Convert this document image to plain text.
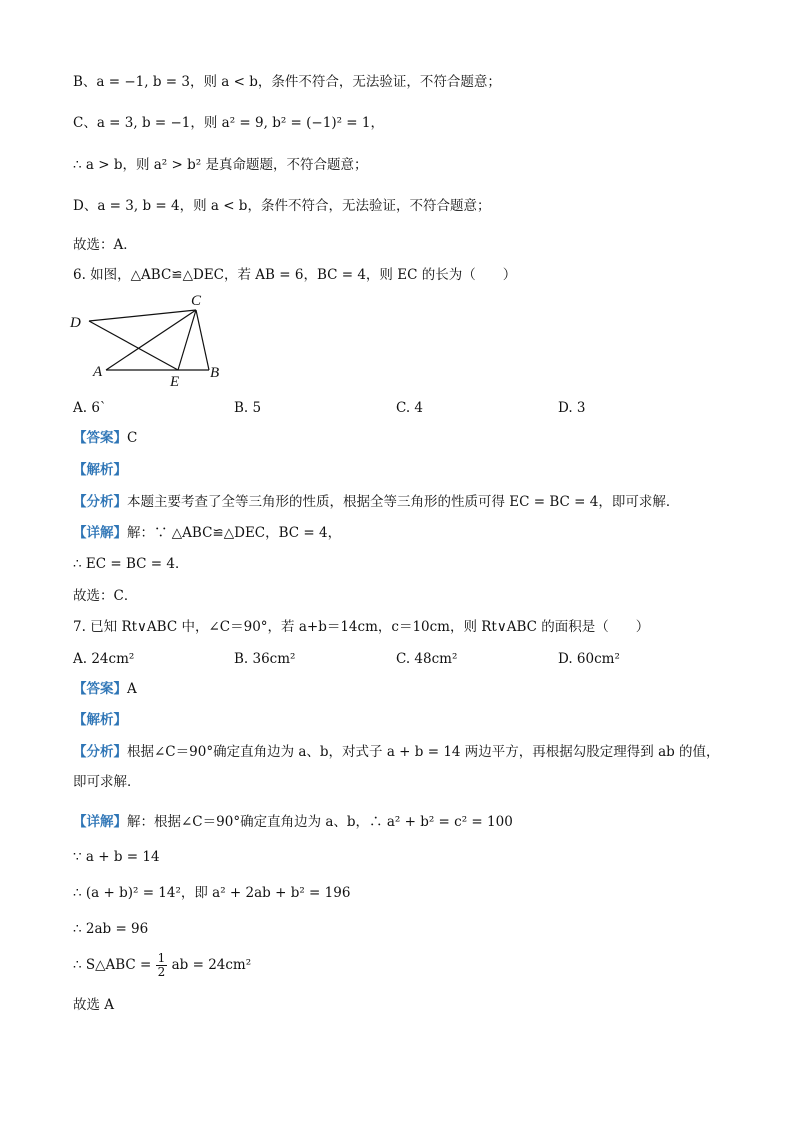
B、a = −1, b = 3，则 a < b，条件不符合，无法验证，不符合题意；
C、a = 3, b = −1，则 a² = 9, b² = (−1)² = 1，
∴ a > b，则 a² > b² 是真命题题，不符合题意；
D、a = 3, b = 4，则 a < b，条件不符合，无法验证，不符合题意；
故选：A．
6. 如图，△ABC≌△DEC，若 AB = 6，BC = 4，则 EC 的长为（　　）
D
C
A
E
B
A. 6`	B. 5	C. 4	D. 3
【答案】C
【解析】
【分析】本题主要考查了全等三角形的性质，根据全等三角形的性质可得 EC = BC = 4，即可求解．
【详解】解：∵ △ABC≌△DEC，BC = 4，
∴ EC = BC = 4．
故选：C．
7. 已知 Rt∨ABC 中，∠C＝90°，若 a+b＝14cm，c＝10cm，则 Rt∨ABC 的面积是（　　）
A. 24cm²	B. 36cm²	C. 48cm²	D. 60cm²
【答案】A
【解析】
【分析】根据∠C＝90°确定直角边为 a、b，对式子 a + b = 14 两边平方，再根据勾股定理得到 ab 的值，
即可求解．
【详解】解：根据∠C＝90°确定直角边为 a、b，∴ a² + b² = c² = 100
∵ a + b = 14
∴ (a + b)² = 14²，即 a² + 2ab + b² = 196
∴ 2ab = 96
∴ S△ABC = $\frac{1}{2}$ ab = 24cm²
故选 A
